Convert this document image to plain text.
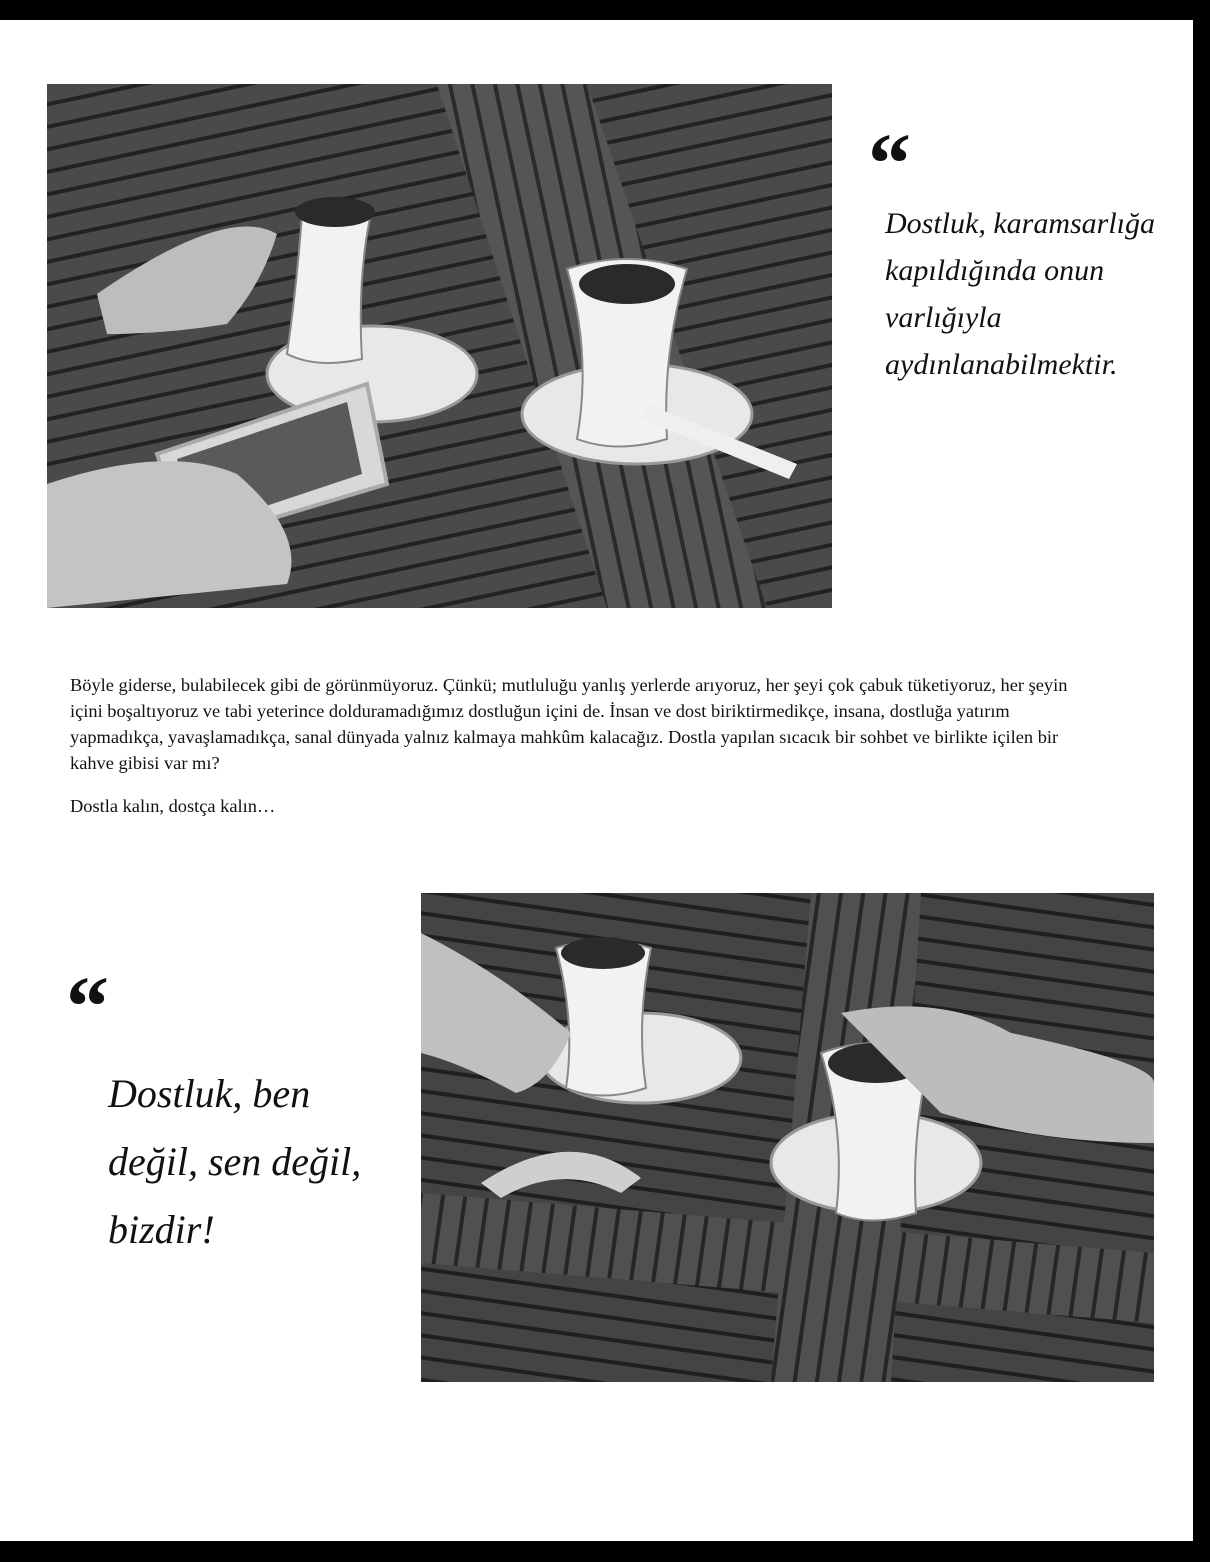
“

Dostluk, karamsarlığa kapıldığında onun varlığıyla aydınlanabilmektir.

Böyle giderse, bulabilecek gibi de görünmüyoruz. Çünkü; mutluluğu yanlış yerlerde arıyoruz, her şeyi çok çabuk tüketiyoruz, her şeyin içini boşaltıyoruz ve tabi yeterince dolduramadığımız dostluğun içini de. İnsan ve dost biriktirmedikçe, insana, dostluğa yatırım yapmadıkça, yavaşlamadıkça, sanal dünyada yalnız kalmaya mahkûm kalacağız. Dostla yapılan sıcacık bir sohbet ve birlikte içilen bir kahve gibisi var mı?

Dostla kalın, dostça kalın…

“

Dostluk, ben değil, sen değil, bizdir!
